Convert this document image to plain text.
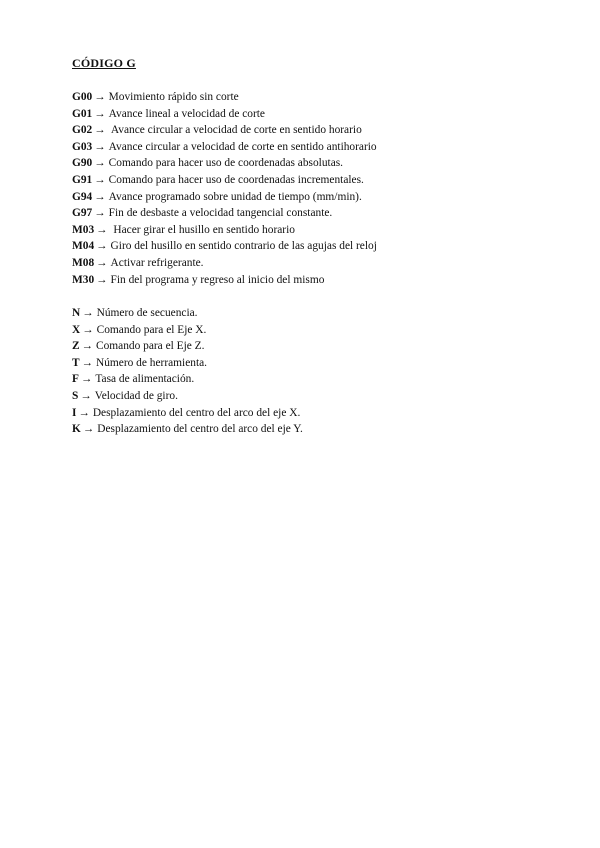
CÓDIGO G
G00 → Movimiento rápido sin corte
G01 → Avance lineal a velocidad de corte
G02 → Avance circular a velocidad de corte en sentido horario
G03 → Avance circular a velocidad de corte en sentido antihorario
G90 → Comando para hacer uso de coordenadas absolutas.
G91 → Comando para hacer uso de coordenadas incrementales.
G94 → Avance programado sobre unidad de tiempo (mm/min).
G97 → Fin de desbaste a velocidad tangencial constante.
M03 → Hacer girar el husillo en sentido horario
M04 → Giro del husillo en sentido contrario de las agujas del reloj
M08 → Activar refrigerante.
M30 → Fin del programa y regreso al inicio del mismo
N → Número de secuencia.
X → Comando para el Eje X.
Z → Comando para el Eje Z.
T → Número de herramienta.
F → Tasa de alimentación.
S → Velocidad de giro.
I → Desplazamiento del centro del arco del eje X.
K → Desplazamiento del centro del arco del eje Y.
